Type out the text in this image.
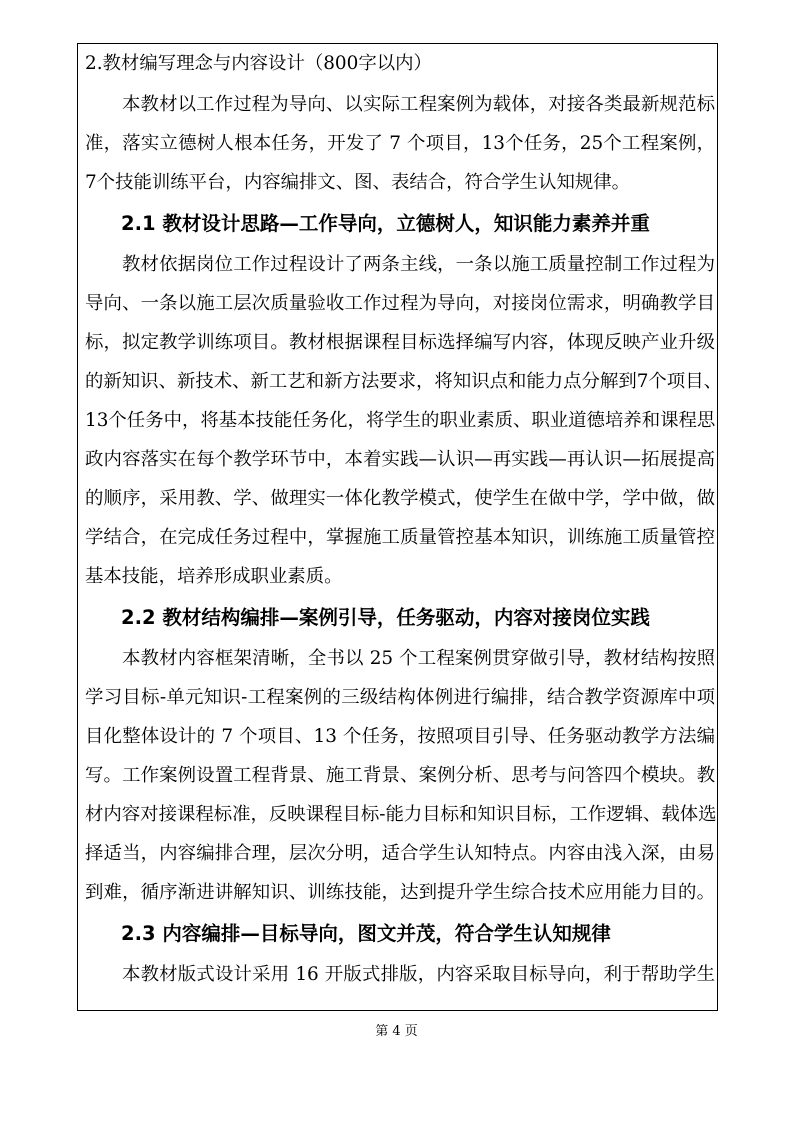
2.教材编写理念与内容设计（800字以内）
本教材以工作过程为导向、以实际工程案例为载体，对接各类最新规范标
准，落实立德树人根本任务，开发了 7 个项目，13个任务，25个工程案例，
7个技能训练平台，内容编排文、图、表结合，符合学生认知规律。
2.1 教材设计思路—工作导向，立德树人，知识能力素养并重
教材依据岗位工作过程设计了两条主线，一条以施工质量控制工作过程为
导向、一条以施工层次质量验收工作过程为导向，对接岗位需求，明确教学目
标，拟定教学训练项目。教材根据课程目标选择编写内容，体现反映产业升级
的新知识、新技术、新工艺和新方法要求，将知识点和能力点分解到7个项目、
13个任务中，将基本技能任务化，将学生的职业素质、职业道德培养和课程思
政内容落实在每个教学环节中，本着实践—认识—再实践—再认识—拓展提高
的顺序，采用教、学、做理实一体化教学模式，使学生在做中学，学中做，做
学结合，在完成任务过程中，掌握施工质量管控基本知识，训练施工质量管控
基本技能，培养形成职业素质。
2.2 教材结构编排—案例引导，任务驱动，内容对接岗位实践
本教材内容框架清晰，全书以 25 个工程案例贯穿做引导，教材结构按照
学习目标-单元知识-工程案例的三级结构体例进行编排，结合教学资源库中项
目化整体设计的 7 个项目、13 个任务，按照项目引导、任务驱动教学方法编
写。工作案例设置工程背景、施工背景、案例分析、思考与问答四个模块。教
材内容对接课程标准，反映课程目标-能力目标和知识目标，工作逻辑、载体选
择适当，内容编排合理，层次分明，适合学生认知特点。内容由浅入深，由易
到难，循序渐进讲解知识、训练技能，达到提升学生综合技术应用能力目的。
2.3 内容编排—目标导向，图文并茂，符合学生认知规律
本教材版式设计采用 16 开版式排版，内容采取目标导向，利于帮助学生
第 4 页
